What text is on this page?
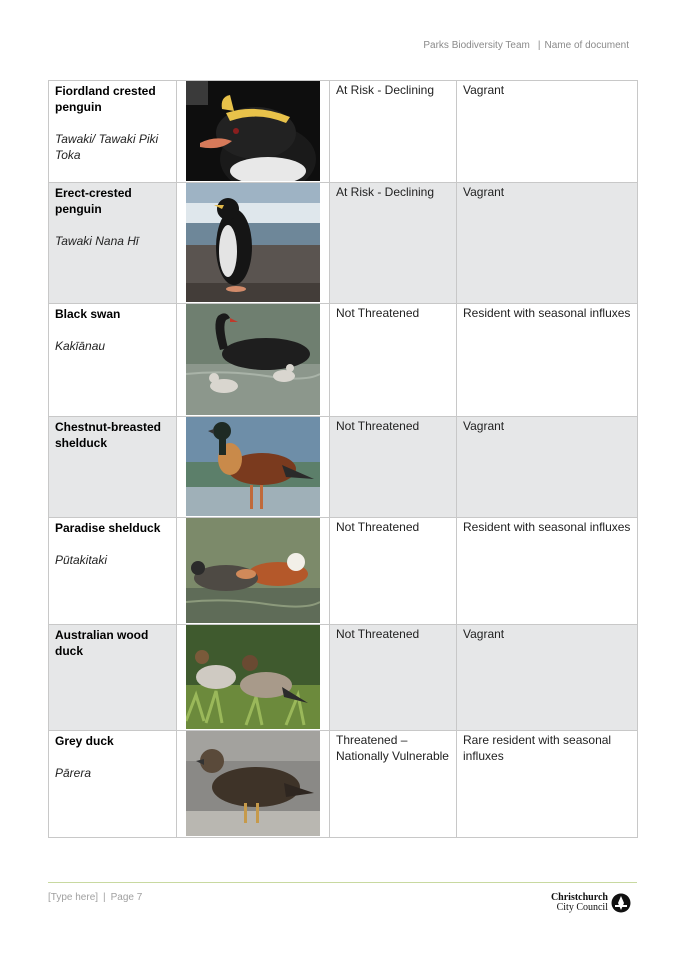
Parks Biodiversity Team | Name of document
Fiordland crested penguin
Tawaki/ Tawaki Piki Toka		At Risk - Declining	Vagrant

Erect-crested penguin
Tawaki Nana Hī		At Risk - Declining	Vagrant

Black swan
Kakīānau		Not Threatened	Resident with seasonal influxes

Chestnut-breasted shelduck		Not Threatened	Vagrant

Paradise shelduck
Pūtakitaki		Not Threatened	Resident with seasonal influxes

Australian wood duck		Not Threatened	Vagrant

Grey duck
Pārera		Threatened – Nationally Vulnerable	Rare resident with seasonal influxes
[Type here] | Page 7	Christchurch
City Council
